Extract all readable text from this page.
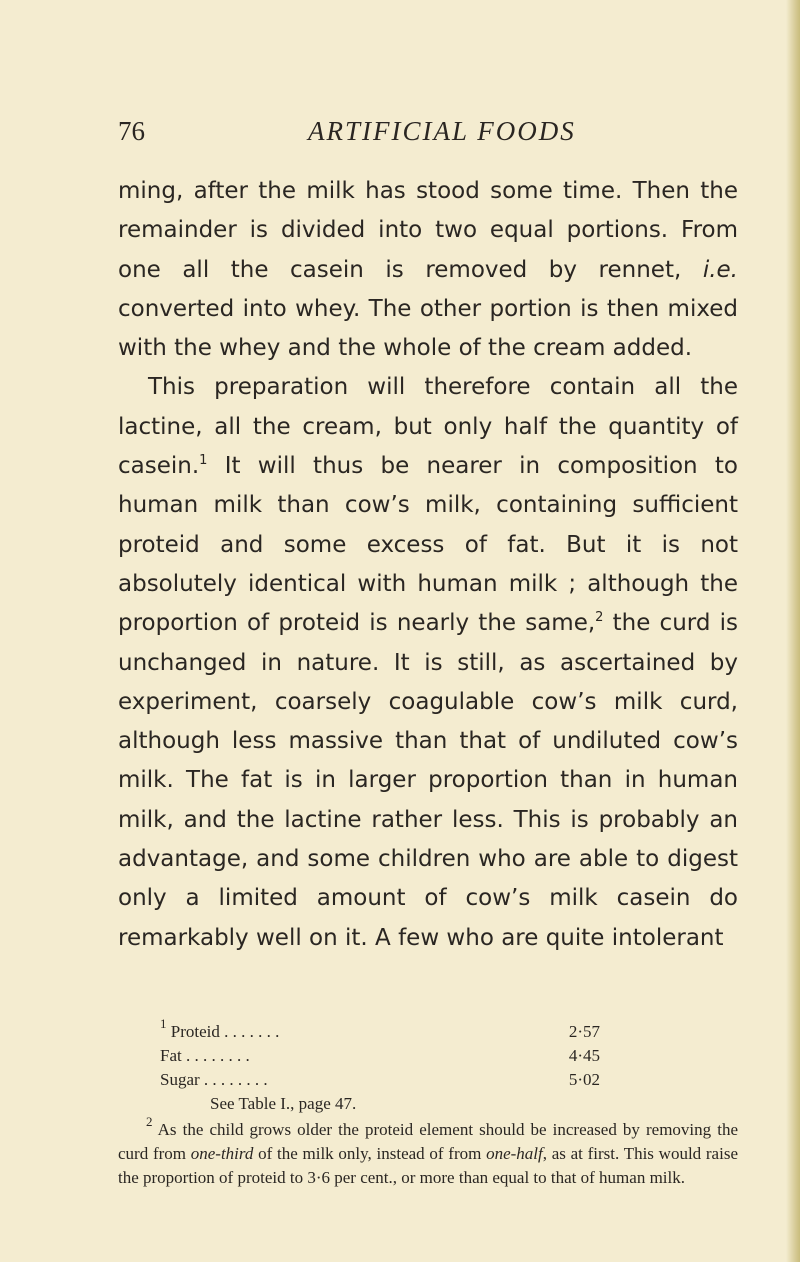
76	ARTIFICIAL FOODS

ming, after the milk has stood some time. Then the remainder is divided into two equal portions. From one all the casein is removed by rennet, i.e. converted into whey. The other portion is then mixed with the whey and the whole of the cream added.

This preparation will therefore contain all the lactine, all the cream, but only half the quantity of casein.$^1$ It will thus be nearer in composition to human milk than cow’s milk, containing sufficient proteid and some excess of fat. But it is not absolutely identical with human milk ; although the proportion of proteid is nearly the same,$^2$ the curd is unchanged in nature. It is still, as ascertained by experiment, coarsely coagulable cow’s milk curd, although less massive than that of undiluted cow’s milk. The fat is in larger proportion than in human milk, and the lactine rather less. This is probably an advantage, and some children who are able to digest only a limited amount of cow’s milk casein do remarkably well on it. A few who are quite intolerant

$^1$ Proteid . . . . . . .	2·57
Fat . . . . . . . .	4·45
Sugar . . . . . . . .	5·02
See Table I., page 47.
$^2$ As the child grows older the proteid element should be increased by removing the curd from one-third of the milk only, instead of from one-half, as at first. This would raise the proportion of proteid to 3·6 per cent., or more than equal to that of human milk.
